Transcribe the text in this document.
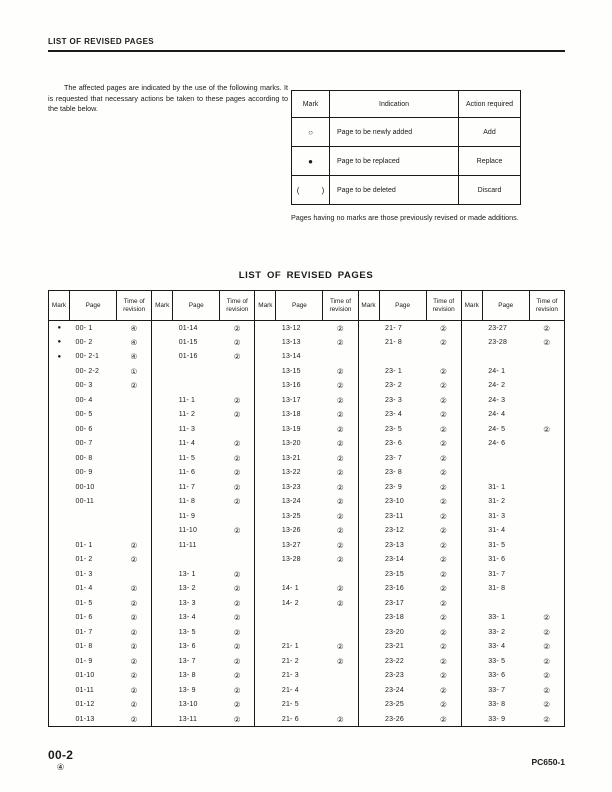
LIST OF REVISED PAGES

The affected pages are indicated by the use of the following marks. It is requested that necessary actions be taken to these pages according to the table below.

Mark	Indication	Action required
○	Page to be newly added	Add
●	Page to be replaced	Replace
(          )	Page to be deleted	Discard

Pages having no marks are those previously revised or made additions.

LIST OF REVISED PAGES
Mark	Page	Time of revision	Mark	Page	Time of revision	Mark	Page	Time of revision	Mark	Page	Time of revision	Mark	Page	Time of revision
●	00- 1	④		01-14	②		13-12	②		21- 7	②		23-27	②
●	00- 2	④		01-15	②		13-13	②		21- 8	②		23-28	②
●	00- 2-1	④		01-16	②		13-14							
	00- 2-2	①					13-15	②		23- 1	②		24- 1	
	00- 3	②					13-16	②		23- 2	②		24- 2	
	00- 4			11- 1	②		13-17	②		23- 3	②		24- 3	
	00- 5			11- 2	②		13-18	②		23- 4	②		24- 4	
	00- 6			11- 3			13-19	②		23- 5	②		24- 5	②
	00- 7			11- 4	②		13-20	②		23- 6	②		24- 6	
	00- 8			11- 5	②		13-21	②		23- 7	②			
	00- 9			11- 6	②		13-22	②		23- 8	②			
	00-10			11- 7	②		13-23	②		23- 9	②		31- 1	
	00-11			11- 8	②		13-24	②		23-10	②		31- 2	
				11- 9			13-25	②		23-11	②		31- 3	
				11-10	②		13-26	②		23-12	②		31- 4	
	01- 1	②		11-11			13-27	②		23-13	②		31- 5	
	01- 2	②					13-28	②		23-14	②		31- 6	
	01- 3			13- 1	②					23-15	②		31- 7	
	01- 4	②		13- 2	②		14- 1	②		23-16	②		31- 8	
	01- 5	②		13- 3	②		14- 2	②		23-17	②			
	01- 6	②		13- 4	②					23-18	②		33- 1	②
	01- 7	②		13- 5	②					23-20	②		33- 2	②
	01- 8	②		13- 6	②		21- 1	②		23-21	②		33- 4	②
	01- 9	②		13- 7	②		21- 2	②		23-22	②		33- 5	②
	01-10	②		13- 8	②		21- 3			23-23	②		33- 6	②
	01-11	②		13- 9	②		21- 4			23-24	②		33- 7	②
	01-12	②		13-10	②		21- 5			23-25	②		33- 8	②
	01-13	②		13-11	②		21- 6	②		23-26	②		33- 9	②
00-2
④	PC650-1
